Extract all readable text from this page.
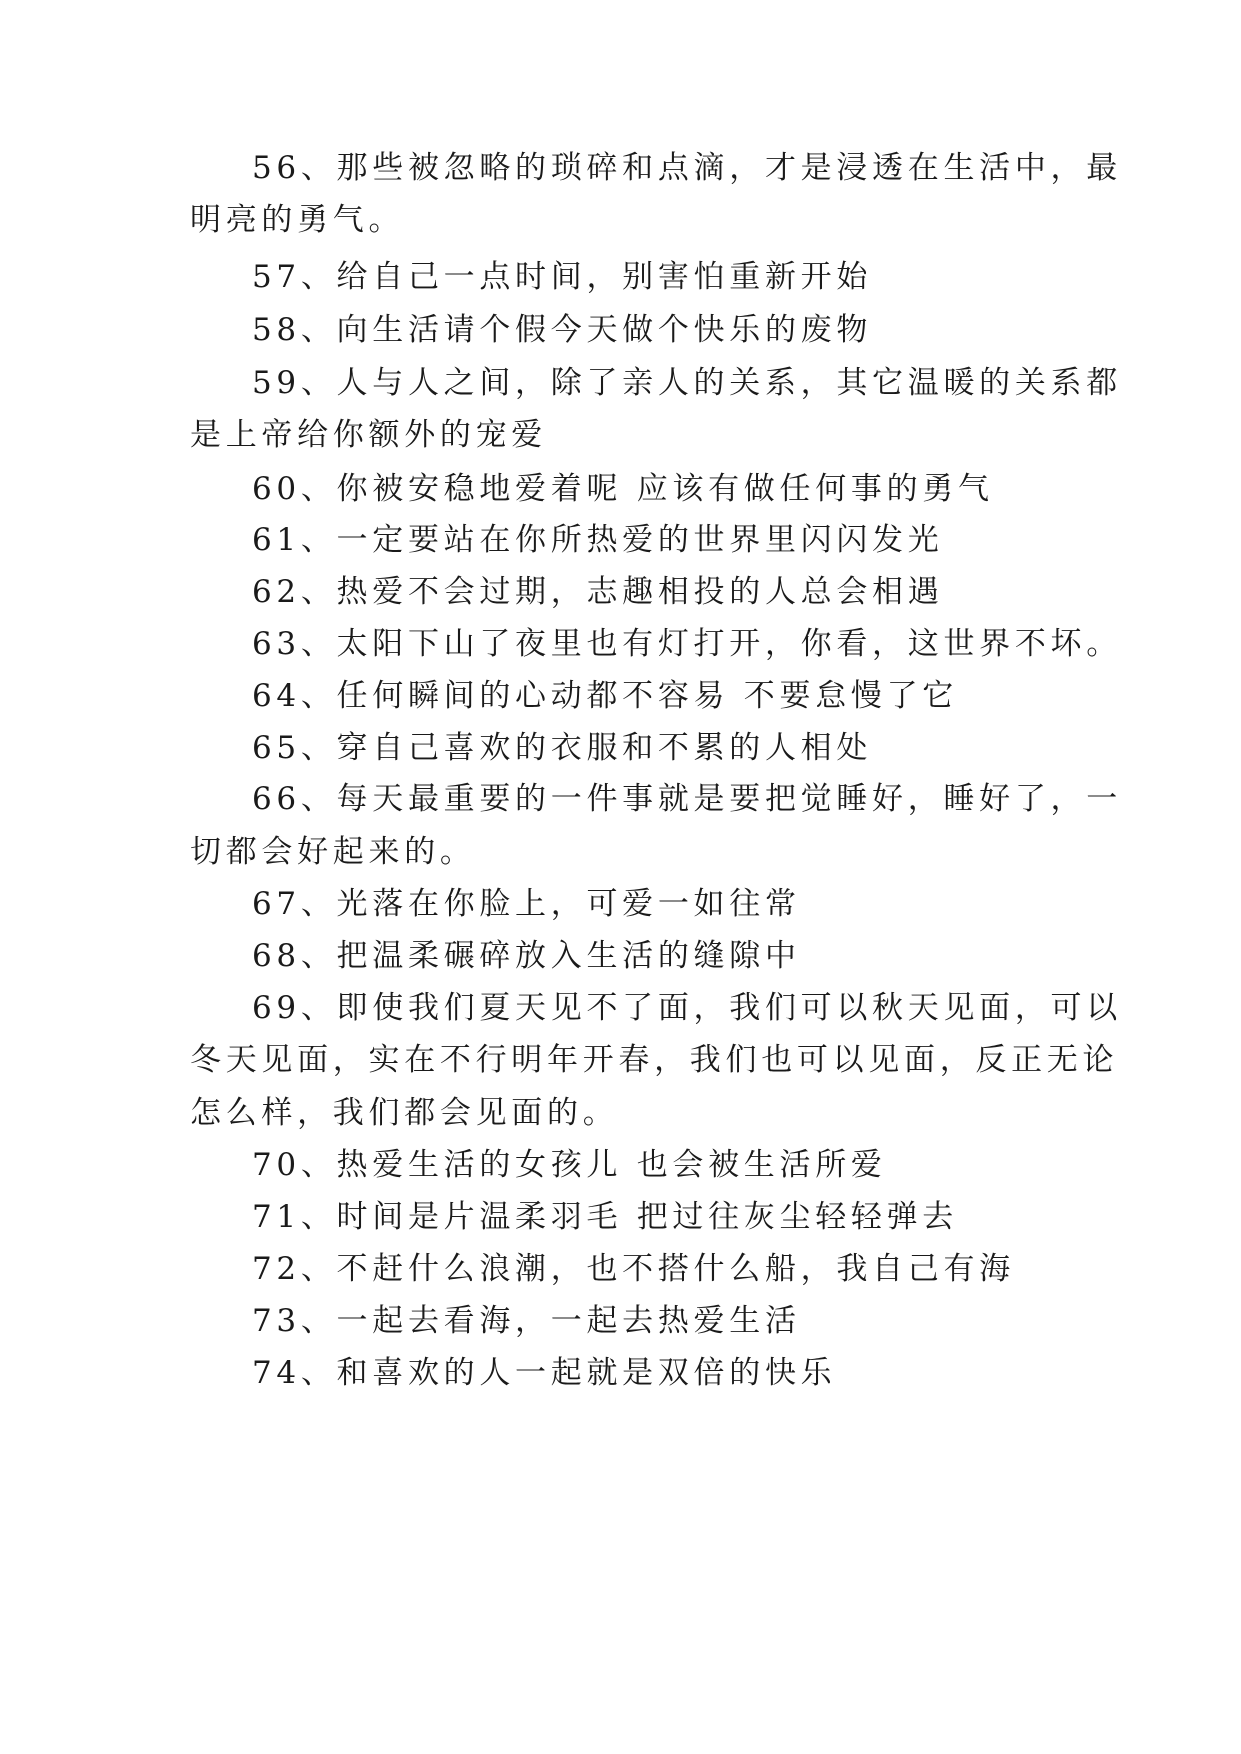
56、那些被忽略的琐碎和点滴，才是浸透在生活中，最
明亮的勇气。
57、给自己一点时间，别害怕重新开始
58、向生活请个假今天做个快乐的废物
59、人与人之间，除了亲人的关系，其它温暖的关系都
是上帝给你额外的宠爱
60、你被安稳地爱着呢 应该有做任何事的勇气
61、一定要站在你所热爱的世界里闪闪发光
62、热爱不会过期，志趣相投的人总会相遇
63、太阳下山了夜里也有灯打开，你看，这世界不坏。
64、任何瞬间的心动都不容易 不要怠慢了它
65、穿自己喜欢的衣服和不累的人相处
66、每天最重要的一件事就是要把觉睡好，睡好了，一
切都会好起来的。
67、光落在你脸上，可爱一如往常
68、把温柔碾碎放入生活的缝隙中
69、即使我们夏天见不了面，我们可以秋天见面，可以
冬天见面，实在不行明年开春，我们也可以见面，反正无论
怎么样，我们都会见面的。
70、热爱生活的女孩儿 也会被生活所爱
71、时间是片温柔羽毛 把过往灰尘轻轻弹去
72、不赶什么浪潮，也不搭什么船，我自己有海
73、一起去看海，一起去热爱生活
74、和喜欢的人一起就是双倍的快乐
